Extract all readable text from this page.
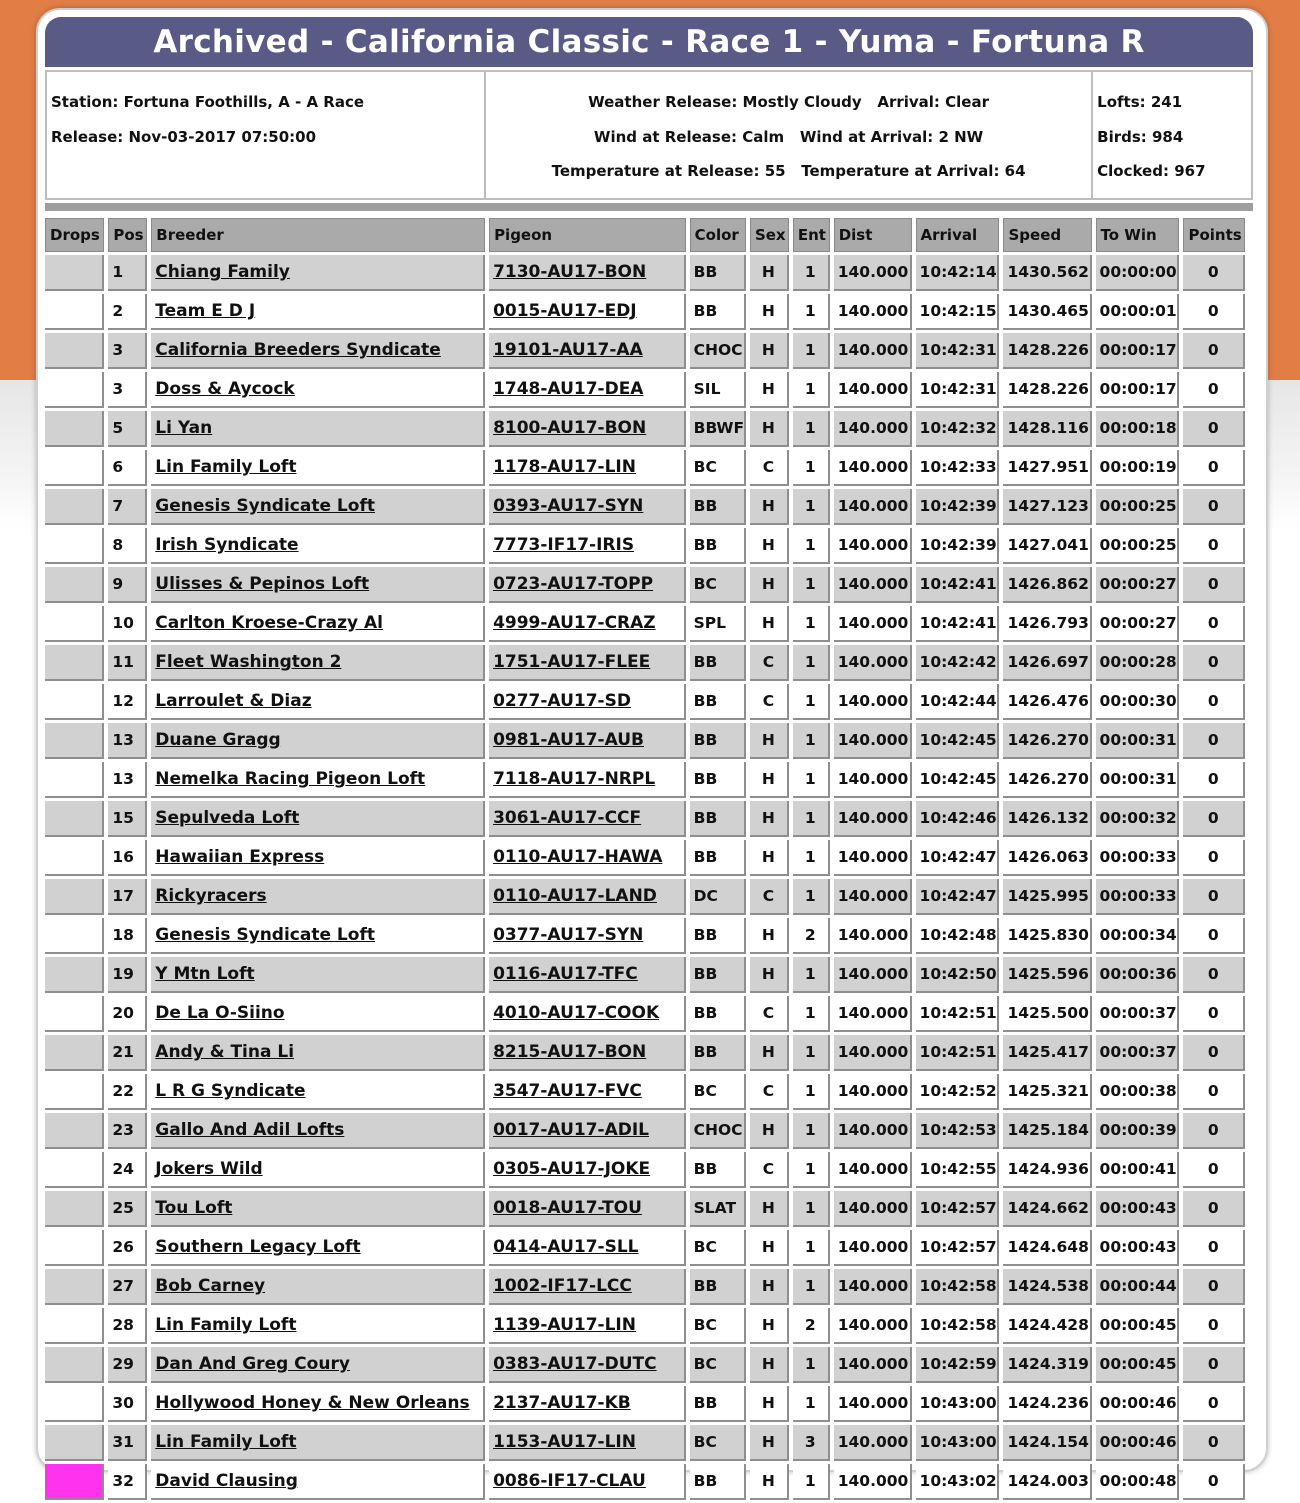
Archived - California Classic - Race 1 - Yuma - Fortuna R
Station: Fortuna Foothills, A - A Race
Release: Nov-03-2017 07:50:00

Weather Release: Mostly Cloudy   Arrival: Clear
Wind at Release: Calm   Wind at Arrival: 2 NW
Temperature at Release: 55   Temperature at Arrival: 64

Lofts: 241
Birds: 984
Clocked: 967
Drops	Pos	Breeder	Pigeon	Color	Sex	Ent	Dist	Arrival	Speed	To Win	Points
	1	Chiang Family	7130-AU17-BON	BB	H	1	140.000	10:42:14	1430.562	00:00:00	0
	2	Team E D J	0015-AU17-EDJ	BB	H	1	140.000	10:42:15	1430.465	00:00:01	0
	3	California Breeders Syndicate	19101-AU17-AA	CHOC	H	1	140.000	10:42:31	1428.226	00:00:17	0
	3	Doss & Aycock	1748-AU17-DEA	SIL	H	1	140.000	10:42:31	1428.226	00:00:17	0
	5	Li Yan	8100-AU17-BON	BBWF	H	1	140.000	10:42:32	1428.116	00:00:18	0
	6	Lin Family Loft	1178-AU17-LIN	BC	C	1	140.000	10:42:33	1427.951	00:00:19	0
	7	Genesis Syndicate Loft	0393-AU17-SYN	BB	H	1	140.000	10:42:39	1427.123	00:00:25	0
	8	Irish Syndicate	7773-IF17-IRIS	BB	H	1	140.000	10:42:39	1427.041	00:00:25	0
	9	Ulisses & Pepinos Loft	0723-AU17-TOPP	BC	H	1	140.000	10:42:41	1426.862	00:00:27	0
	10	Carlton Kroese-Crazy Al	4999-AU17-CRAZ	SPL	H	1	140.000	10:42:41	1426.793	00:00:27	0
	11	Fleet Washington 2	1751-AU17-FLEE	BB	C	1	140.000	10:42:42	1426.697	00:00:28	0
	12	Larroulet & Diaz	0277-AU17-SD	BB	C	1	140.000	10:42:44	1426.476	00:00:30	0
	13	Duane Gragg	0981-AU17-AUB	BB	H	1	140.000	10:42:45	1426.270	00:00:31	0
	13	Nemelka Racing Pigeon Loft	7118-AU17-NRPL	BB	H	1	140.000	10:42:45	1426.270	00:00:31	0
	15	Sepulveda Loft	3061-AU17-CCF	BB	H	1	140.000	10:42:46	1426.132	00:00:32	0
	16	Hawaiian Express	0110-AU17-HAWA	BB	H	1	140.000	10:42:47	1426.063	00:00:33	0
	17	Rickyracers	0110-AU17-LAND	DC	C	1	140.000	10:42:47	1425.995	00:00:33	0
	18	Genesis Syndicate Loft	0377-AU17-SYN	BB	H	2	140.000	10:42:48	1425.830	00:00:34	0
	19	Y Mtn Loft	0116-AU17-TFC	BB	H	1	140.000	10:42:50	1425.596	00:00:36	0
	20	De La O-Siino	4010-AU17-COOK	BB	C	1	140.000	10:42:51	1425.500	00:00:37	0
	21	Andy & Tina Li	8215-AU17-BON	BB	H	1	140.000	10:42:51	1425.417	00:00:37	0
	22	L R G Syndicate	3547-AU17-FVC	BC	C	1	140.000	10:42:52	1425.321	00:00:38	0
	23	Gallo And Adil Lofts	0017-AU17-ADIL	CHOC	H	1	140.000	10:42:53	1425.184	00:00:39	0
	24	Jokers Wild	0305-AU17-JOKE	BB	C	1	140.000	10:42:55	1424.936	00:00:41	0
	25	Tou Loft	0018-AU17-TOU	SLAT	H	1	140.000	10:42:57	1424.662	00:00:43	0
	26	Southern Legacy Loft	0414-AU17-SLL	BC	H	1	140.000	10:42:57	1424.648	00:00:43	0
	27	Bob Carney	1002-IF17-LCC	BB	H	1	140.000	10:42:58	1424.538	00:00:44	0
	28	Lin Family Loft	1139-AU17-LIN	BC	H	2	140.000	10:42:58	1424.428	00:00:45	0
	29	Dan And Greg Coury	0383-AU17-DUTC	BC	H	1	140.000	10:42:59	1424.319	00:00:45	0
	30	Hollywood Honey & New Orleans	2137-AU17-KB	BB	H	1	140.000	10:43:00	1424.236	00:00:46	0
	31	Lin Family Loft	1153-AU17-LIN	BC	H	3	140.000	10:43:00	1424.154	00:00:46	0
	32	David Clausing	0086-IF17-CLAU	BB	H	1	140.000	10:43:02	1424.003	00:00:48	0
